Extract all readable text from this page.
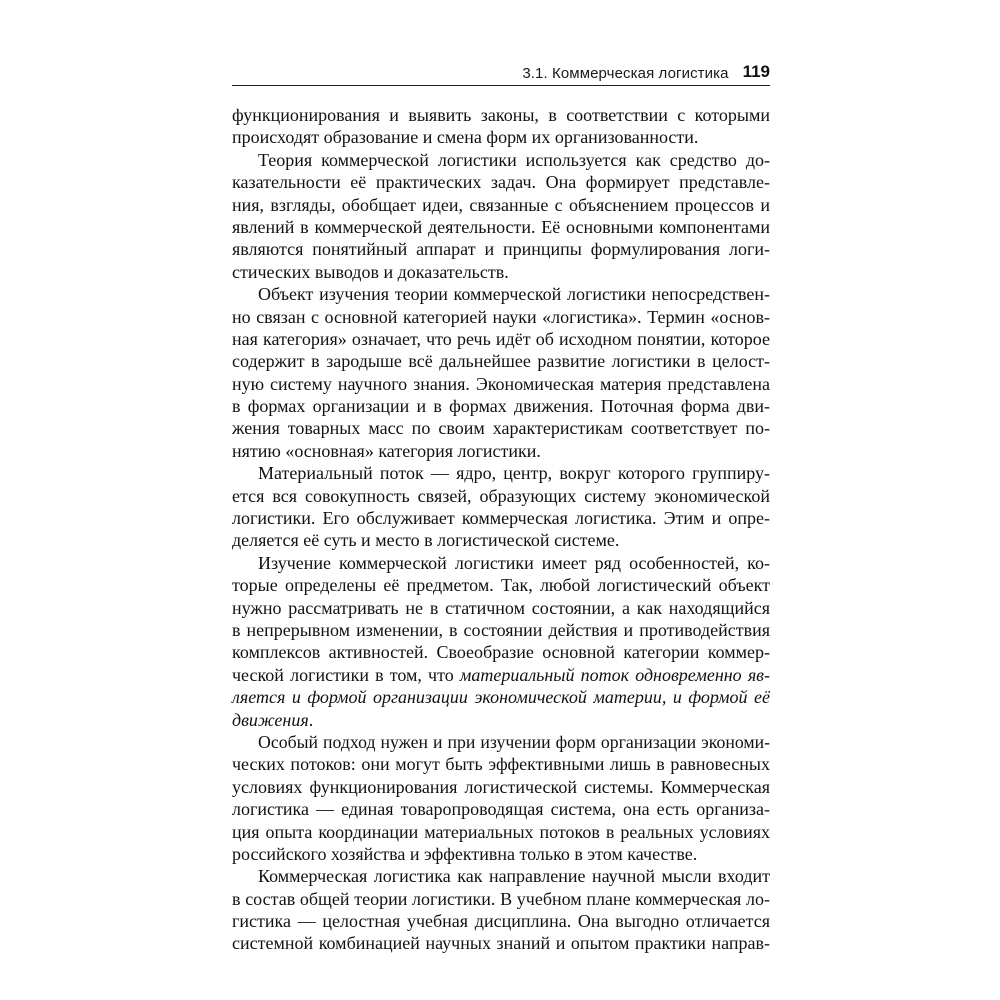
3.1. Коммерческая логистика 119
функционирования и выявить законы, в соответствии с которыми
происходят образование и смена форм их организованности.
Теория коммерческой логистики используется как средство до-
казательности её практических задач. Она формирует представле-
ния, взгляды, обобщает идеи, связанные с объяснением процессов и
явлений в коммерческой деятельности. Её основными компонентами
являются понятийный аппарат и принципы формулирования логи-
стических выводов и доказательств.
Объект изучения теории коммерческой логистики непосредствен-
но связан с основной категорией науки «логистика». Термин «основ-
ная категория» означает, что речь идёт об исходном понятии, которое
содержит в зародыше всё дальнейшее развитие логистики в целост-
ную систему научного знания. Экономическая материя представлена
в формах организации и в формах движения. Поточная форма дви-
жения товарных масс по своим характеристикам соответствует по-
нятию «основная» категория логистики.
Материальный поток — ядро, центр, вокруг которого группиру-
ется вся совокупность связей, образующих систему экономической
логистики. Его обслуживает коммерческая логистика. Этим и опре-
деляется её суть и место в логистической системе.
Изучение коммерческой логистики имеет ряд особенностей, ко-
торые определены её предметом. Так, любой логистический объект
нужно рассматривать не в статичном состоянии, а как находящийся
в непрерывном изменении, в состоянии действия и противодействия
комплексов активностей. Своеобразие основной категории коммер-
ческой логистики в том, что материальный поток одновременно яв-
ляется и формой организации экономической материи, и формой её
движения.
Особый подход нужен и при изучении форм организации экономи-
ческих потоков: они могут быть эффективными лишь в равновесных
условиях функционирования логистической системы. Коммерческая
логистика — единая товаропроводящая система, она есть организа-
ция опыта координации материальных потоков в реальных условиях
российского хозяйства и эффективна только в этом качестве.
Коммерческая логистика как направление научной мысли входит
в состав общей теории логистики. В учебном плане коммерческая ло-
гистика — целостная учебная дисциплина. Она выгодно отличается
системной комбинацией научных знаний и опытом практики направ-
